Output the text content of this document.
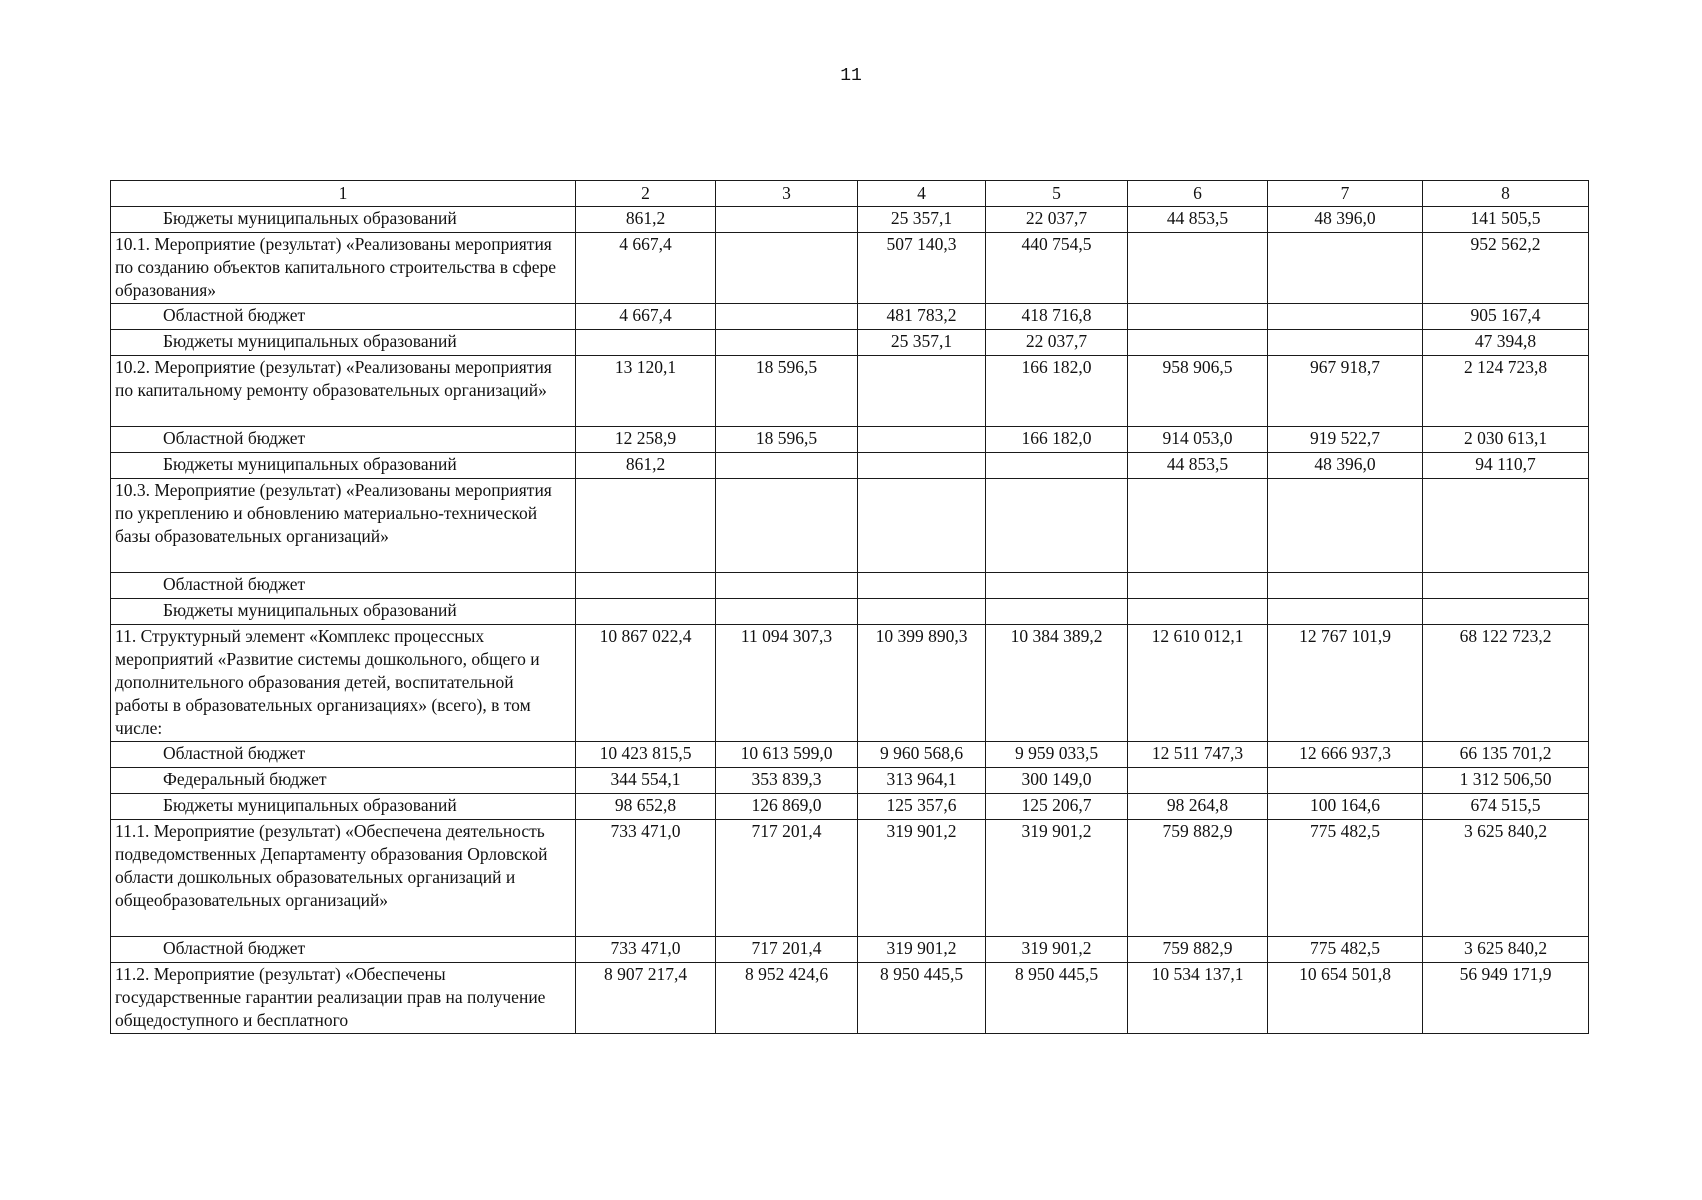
11
1	2	3	4	5	6	7	8
Бюджеты муниципальных образований	861,2		25 357,1	22 037,7	44 853,5	48 396,0	141 505,5
10.1. Мероприятие (результат) «Реализованы мероприятия по созданию объектов капитального строительства в сфере образования»	4 667,4		507 140,3	440 754,5			952 562,2
Областной бюджет	4 667,4		481 783,2	418 716,8			905 167,4
Бюджеты муниципальных образований			25 357,1	22 037,7			47 394,8
10.2. Мероприятие (результат) «Реализованы мероприятия по капитальному ремонту образовательных организаций»	13 120,1	18 596,5		166 182,0	958 906,5	967 918,7	2 124 723,8
Областной бюджет	12 258,9	18 596,5		166 182,0	914 053,0	919 522,7	2 030 613,1
Бюджеты муниципальных образований	861,2				44 853,5	48 396,0	94 110,7
10.3. Мероприятие (результат) «Реализованы мероприятия по укреплению и обновлению материально-технической базы образовательных организаций»							
Областной бюджет							
Бюджеты муниципальных образований							
11. Структурный элемент «Комплекс процессных мероприятий «Развитие системы дошкольного, общего и дополнительного образования детей, воспитательной работы в образовательных организациях» (всего), в том числе:	10 867 022,4	11 094 307,3	10 399 890,3	10 384 389,2	12 610 012,1	12 767 101,9	68 122 723,2
Областной бюджет	10 423 815,5	10 613 599,0	9 960 568,6	9 959 033,5	12 511 747,3	12 666 937,3	66 135 701,2
Федеральный бюджет	344 554,1	353 839,3	313 964,1	300 149,0			1 312 506,50
Бюджеты муниципальных образований	98 652,8	126 869,0	125 357,6	125 206,7	98 264,8	100 164,6	674 515,5
11.1. Мероприятие (результат) «Обеспечена деятельность подведомственных Департаменту образования Орловской области дошкольных образовательных организаций и общеобразовательных организаций»	733 471,0	717 201,4	319 901,2	319 901,2	759 882,9	775 482,5	3 625 840,2
Областной бюджет	733 471,0	717 201,4	319 901,2	319 901,2	759 882,9	775 482,5	3 625 840,2
11.2. Мероприятие (результат) «Обеспечены государственные гарантии реализации прав на получение общедоступного и бесплатного	8 907 217,4	8 952 424,6	8 950 445,5	8 950 445,5	10 534 137,1	10 654 501,8	56 949 171,9
